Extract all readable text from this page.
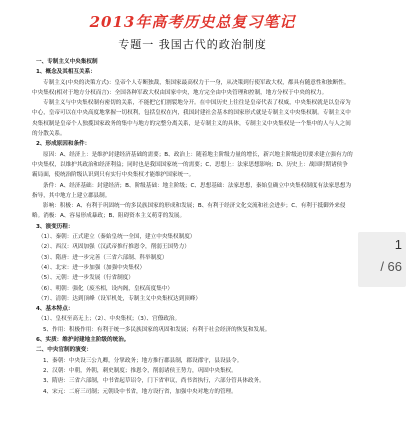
2013年高考历史总复习笔记
专题一 我国古代的政治制度

一、专制主义中央集权制

1、概念及其相互关系：

专制主义(中央的决策方式)：皇帝个人专断独裁，集国家最高权力于一身，从决策到行使军政大权，都具有随意性和独断性。 中央集权(相对于地方分权而言)：全国各种军政大权由国家中央，地方完全由中央管理和控制，地方分权于中央的权力。

专制主义与中央集权制有密切的关系，不能把它们割裂地分开。在中国历史上往往是皇帝代表了权威，中央集权就是以皇帝为中心，皇帝可以在中央高度地掌握一切权利，包括皇权在内，我国封建社会基本的国家形式就是专制主义中央集权制。专制主义中央集权制是皇帝个人独揽国家政务的集中与地方的完整分离关系，是专制主义的具体，专制主义中央集权是一个集中的人与人之间的分散关系。

2、形成原因和条件：

原因：A、经济上：是维护封建经济基础的需要；B、政治上：随着地主阶级力量的增长，新兴地主阶级迫切要求建立强有力的中央集权，以维护其政治和经济利益；同时也是我国国家统一的需要；C、思想上：法家思想影响；D、历史上：战国时期诸侯争霸局面，使统治阶级认识到只有实行中央集权才能维护国家统一。

条件：A、经济基础：封建经济；B、阶级基础：地主阶级；C、思想基础：法家思想，秦始皇确立中央集权制度有法家思想为指导，其中地方上建立郡县制。

影响：积极：A、有利于巩固统一的多民族国家的形成和发展；B、有利于经济文化交流和社会进步；C、有利于抵御外来侵略。消极：A、容易形成暴政；B、阻碍资本主义萌芽的发展。

3、演变历程：

（1）、秦朝：正式建立（秦始皇统一全国，建立中央集权制度）

（2）、西汉：巩固加强（汉武帝推行推恩令，削弱王国势力）

（3）、隋唐：进一步完善（三省六部制、科举制度）

（4）、北宋：进一步加强（加强中央集权）

（5）、元朝：进一步发展（行省制度）

（6）、明朝：强化（废丞相，设内阁，皇权高度集中）

（7）、清朝：达到顶峰（设军机处，专制主义中央集权达到顶峰）

4、基本特点：

（1）、皇权至高无上；（2）、中央集权；（3）、官僚政治。

5、作用：积极作用：有利于统一多民族国家的巩固和发展；有利于社会经济的恢复和发展。

6、实质：维护封建地主阶级的统治。

二、中央官制的演变：

1、秦朝：中央设三公九卿，分掌政务；地方推行郡县制，郡设郡守，县设县令。

2、汉朝：中朝，外朝，刺史制度；推恩令，削弱诸侯王势力，巩固中央集权。

3、隋唐：三省六部制，中书省起草诏令，门下省审议，尚书省执行，六部分管具体政务。

4、宋元：二府三司制；元朝设中书省，地方设行省，加强中央对地方的管理。

1
/ 66
